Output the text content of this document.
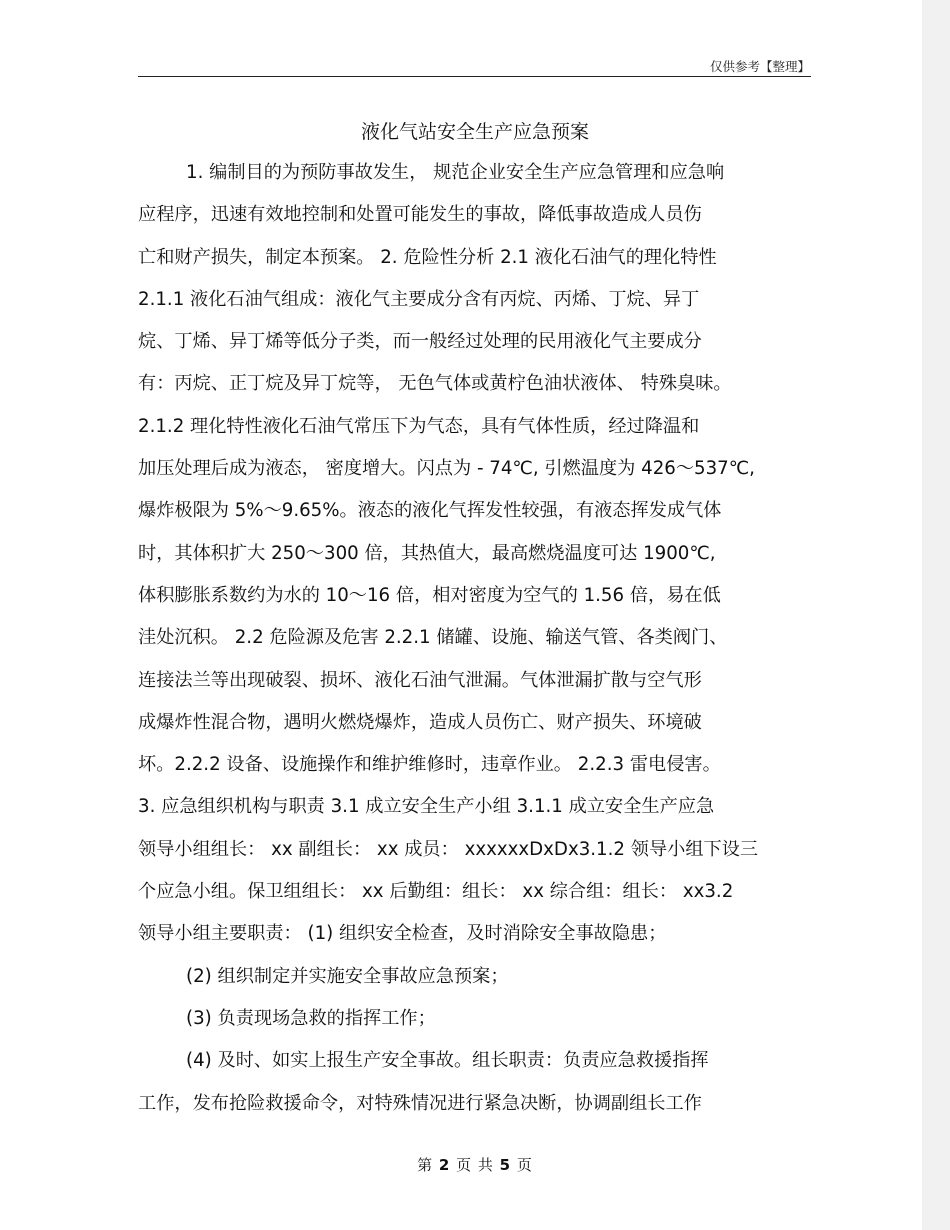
仅供参考【整理】
液化气站安全生产应急预案
1. 编制目的为预防事故发生， 规范企业安全生产应急管理和应急响
应程序，迅速有效地控制和处置可能发生的事故，降低事故造成人员伤
亡和财产损失，制定本预案。 2. 危险性分析 2.1 液化石油气的理化特性
2.1.1 液化石油气组成：液化气主要成分含有丙烷、丙烯、丁烷、异丁
烷、丁烯、异丁烯等低分子类，而一般经过处理的民用液化气主要成分
有：丙烷、正丁烷及异丁烷等， 无色气体或黄柠色油状液体、 特殊臭味。
2.1.2 理化特性液化石油气常压下为气态，具有气体性质，经过降温和
加压处理后成为液态， 密度增大。闪点为 - 74℃, 引燃温度为 426～537℃,
爆炸极限为 5%～9.65%。液态的液化气挥发性较强，有液态挥发成气体
时，其体积扩大 250～300 倍，其热值大，最高燃烧温度可达 1900℃,
体积膨胀系数约为水的 10～16 倍，相对密度为空气的 1.56 倍，易在低
洼处沉积。 2.2 危险源及危害 2.2.1 储罐、设施、输送气管、各类阀门、
连接法兰等出现破裂、损坏、液化石油气泄漏。气体泄漏扩散与空气形
成爆炸性混合物，遇明火燃烧爆炸，造成人员伤亡、财产损失、环境破
坏。2.2.2 设备、设施操作和维护维修时，违章作业。 2.2.3 雷电侵害。
3. 应急组织机构与职责 3.1 成立安全生产小组 3.1.1 成立安全生产应急
领导小组组长： xx 副组长： xx 成员： xxxxxxDxDx3.1.2 领导小组下设三
个应急小组。保卫组组长： xx 后勤组：组长： xx 综合组：组长： xx3.2
领导小组主要职责： (1) 组织安全检查，及时消除安全事故隐患；
(2) 组织制定并实施安全事故应急预案；
(3) 负责现场急救的指挥工作；
(4) 及时、如实上报生产安全事故。组长职责：负责应急救援指挥
工作，发布抢险救援命令，对特殊情况进行紧急决断，协调副组长工作
第 2 页 共 5 页
